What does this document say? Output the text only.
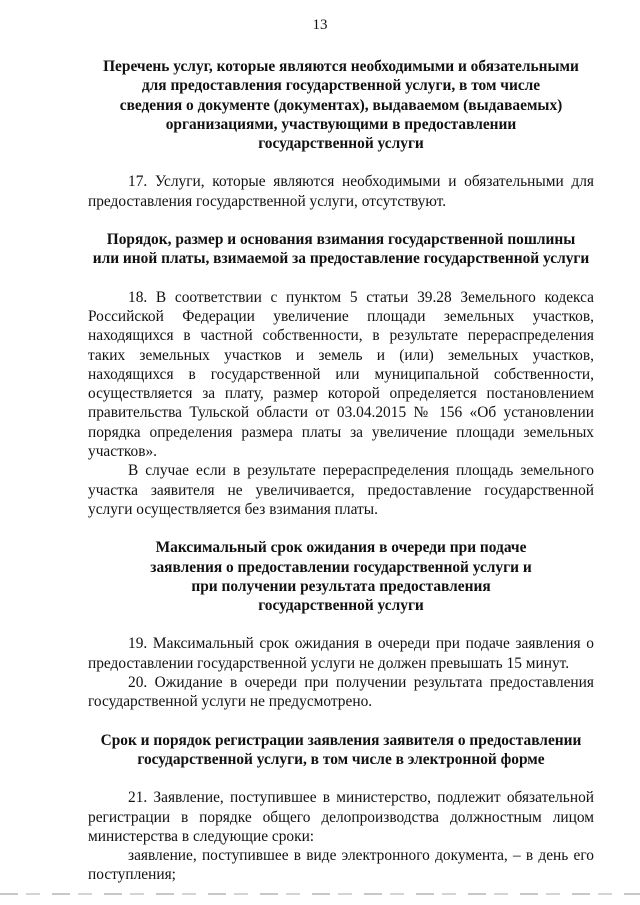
13
Перечень услуг, которые являются необходимыми и обязательными
для предоставления государственной услуги, в том числе
сведения о документе (документах), выдаваемом (выдаваемых)
организациями, участвующими в предоставлении
государственной услуги

17. Услуги, которые являются необходимыми и обязательными для предоставления государственной услуги, отсутствуют.

Порядок, размер и основания взимания государственной пошлины
или иной платы, взимаемой за предоставление государственной услуги

18. В соответствии с пунктом 5 статьи 39.28 Земельного кодекса Российской Федерации увеличение площади земельных участков, находящихся в частной собственности, в результате перераспределения таких земельных участков и земель и (или) земельных участков, находящихся в государственной или муниципальной собственности, осуществляется за плату, размер которой определяется постановлением правительства Тульской области от 03.04.2015 № 156 «Об установлении порядка определения размера платы за увеличение площади земельных участков».

В случае если в результате перераспределения площадь земельного участка заявителя не увеличивается, предоставление государственной услуги осуществляется без взимания платы.

Максимальный срок ожидания в очереди при подаче
заявления о предоставлении государственной услуги и
при получении результата предоставления
государственной услуги

19. Максимальный срок ожидания в очереди при подаче заявления о предоставлении государственной услуги не должен превышать 15 минут.

20. Ожидание в очереди при получении результата предоставления государственной услуги не предусмотрено.

Срок и порядок регистрации заявления заявителя о предоставлении
государственной услуги, в том числе в электронной форме

21. Заявление, поступившее в министерство, подлежит обязательной регистрации в порядке общего делопроизводства должностным лицом министерства в следующие сроки:

заявление, поступившее в виде электронного документа, – в день его поступления;
